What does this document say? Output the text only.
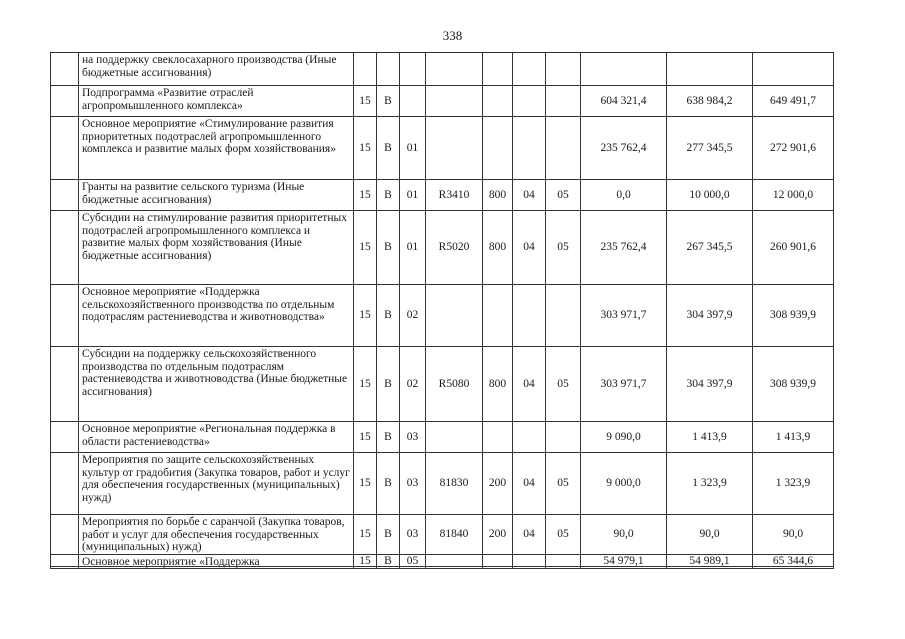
338
	на поддержку свеклосахарного производства (Иные бюджетные ассигнования)										
	Подпрограмма «Развитие отраслей агропромышленного комплекса»	15	В						604 321,4	638 984,2	649 491,7
	Основное мероприятие «Стимулирование развития приоритетных подотраслей агропромышленного комплекса и развитие малых форм хозяйствования»	15	В	01					235 762,4	277 345,5	272 901,6
	Гранты на развитие сельского туризма (Иные бюджетные ассигнования)	15	В	01	R3410	800	04	05	0,0	10 000,0	12 000,0
	Субсидии на стимулирование развития приоритетных подотраслей агропромышленного комплекса и развитие малых форм хозяйствования (Иные бюджетные ассигнования)	15	В	01	R5020	800	04	05	235 762,4	267 345,5	260 901,6
	Основное мероприятие «Поддержка сельскохозяйственного производства по отдельным подотраслям растениеводства и животноводства»	15	В	02					303 971,7	304 397,9	308 939,9
	Субсидии на поддержку сельскохозяйственного производства по отдельным подотраслям растениеводства и животноводства (Иные бюджетные ассигнования)	15	В	02	R5080	800	04	05	303 971,7	304 397,9	308 939,9
	Основное мероприятие «Региональная поддержка в области растениеводства»	15	В	03					9 090,0	1 413,9	1 413,9
	Мероприятия по защите сельскохозяйственных культур от градобития (Закупка товаров, работ и услуг для обеспечения государственных (муниципальных) нужд)	15	В	03	81830	200	04	05	9 000,0	1 323,9	1 323,9
	Мероприятия по борьбе с саранчой (Закупка товаров, работ и услуг для обеспечения государственных (муниципальных) нужд)	15	В	03	81840	200	04	05	90,0	90,0	90,0
	Основное мероприятие «Поддержка	15	В	05					54 979,1	54 989,1	65 344,6
